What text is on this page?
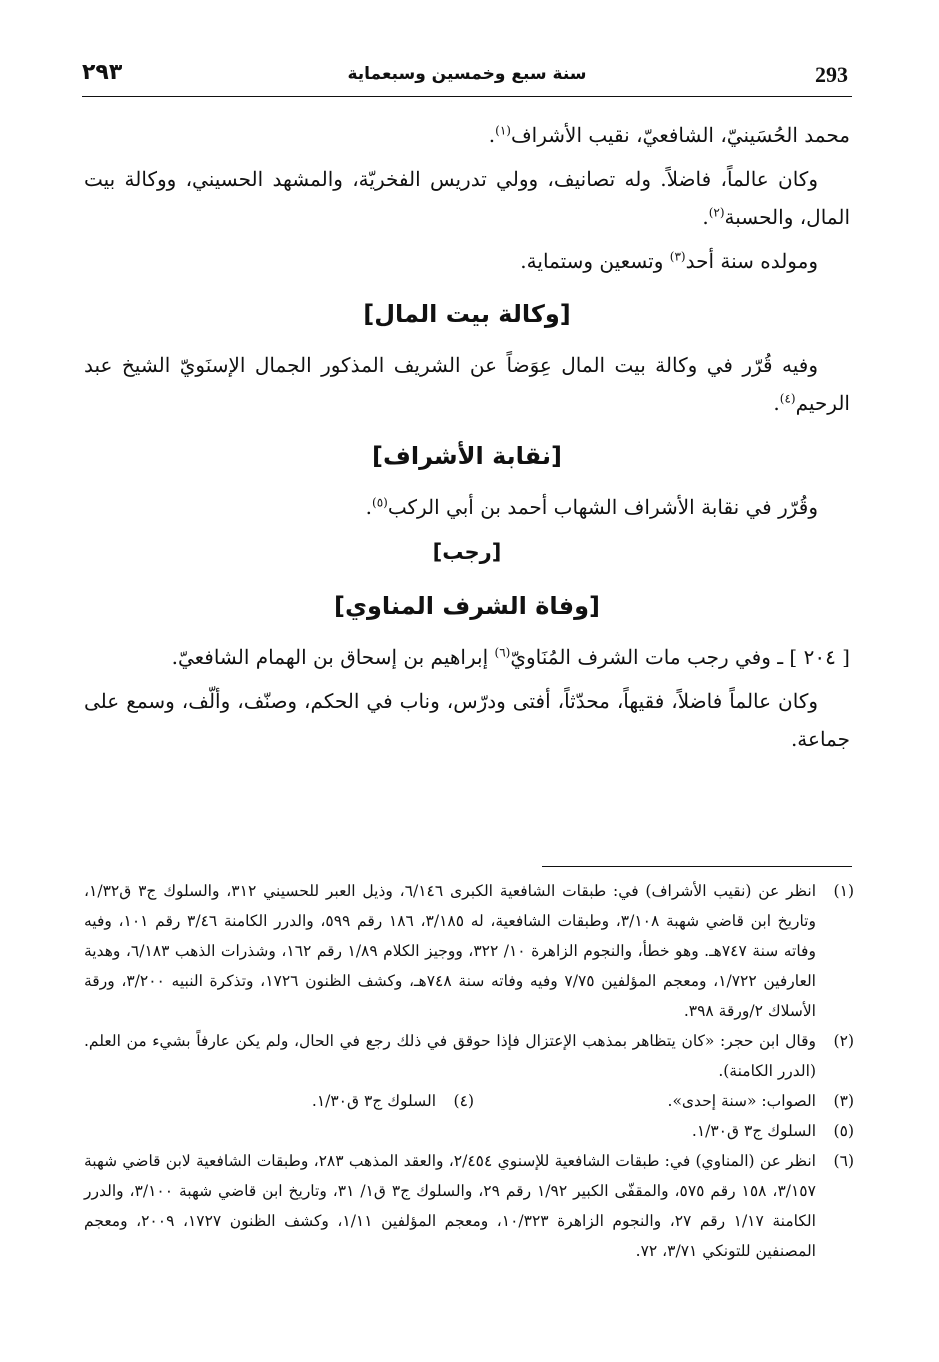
٢٩٣	سنة سبع وخمسين وسبعماية	293

محمد الحُسَينيّ، الشافعيّ، نقيب الأشراف$^{(١)}$.

وكان عالماً، فاضلاً. وله تصانيف، وولي تدريس الفخريّة، والمشهد الحسيني، ووكالة بيت المال، والحسبة$^{(٢)}$.

ومولده سنة أحد$^{(٣)}$ وتسعين وستماية.

[وكالة بيت المال]

وفيه قُرّر في وكالة بيت المال عِوَضاً عن الشريف المذكور الجمال الإسنَويّ الشيخ عبد الرحيم$^{(٤)}$.

[نقابة الأشراف]

وقُرّر في نقابة الأشراف الشهاب أحمد بن أبي الركب$^{(٥)}$.

[رجب]

[وفاة الشرف المناوي]

[ ٢٠٤ ] ـ وفي رجب مات الشرف المُنَاويّ$^{(٦)}$ إبراهيم بن إسحاق بن الهمام الشافعيّ.

وكان عالماً فاضلاً، فقيهاً، محدّثاً، أفتى ودرّس، وناب في الحكم، وصنّف، وألّف، وسمع على جماعة.

(١)
انظر عن (نقيب الأشراف) في: طبقات الشافعية الكبرى ٦/١٤٦، وذيل العبر للحسيني ٣١٢، والسلوك ج٣ ق١/٣٢، وتاريخ ابن قاضي شهبة ٣/١٠٨، وطبقات الشافعية، له ٣/١٨٥، ١٨٦ رقم ٥٩٩، والدرر الكامنة ٣/٤٦ رقم ١٠١، وفيه وفاته سنة ٧٤٧هـ. وهو خطأ، والنجوم الزاهرة ١٠/ ٣٢٢، ووجيز الكلام ١/٨٩ رقم ١٦٢، وشذرات الذهب ٦/١٨٣، وهدية العارفين ١/٧٢٢، ومعجم المؤلفين ٧/٧٥ وفيه وفاته سنة ٧٤٨هـ، وكشف الظنون ١٧٢٦، وتذكرة النبيه ٣/٢٠٠، ورقة الأسلاك ٢/ورقة ٣٩٨.
(٢)
وقال ابن حجر: «كان يتظاهر بمذهب الإعتزال فإذا حوقق في ذلك رجع في الحال، ولم يكن عارفاً بشيء من العلم. (الدرر الكامنة).
(٣)
الصواب: «سنة إحدى».
(٤)
السلوك ج٣ ق١/٣٠.
(٥)
السلوك ج٣ ق١/٣٠.
(٦)
انظر عن (المناوي) في: طبقات الشافعية للإسنوي ٢/٤٥٤، والعقد المذهب ٢٨٣، وطبقات الشافعية لابن قاضي شهبة ٣/١٥٧، ١٥٨ رقم ٥٧٥، والمقفّى الكبير ١/٩٢ رقم ٢٩، والسلوك ج٣ ق١/ ٣١، وتاريخ ابن قاضي شهبة ٣/١٠٠، والدرر الكامنة ١/١٧ رقم ٢٧، والنجوم الزاهرة ١٠/٣٢٣، ومعجم المؤلفين ١/١١، وكشف الظنون ١٧٢٧، ٢٠٠٩، ومعجم المصنفين للتونكي ٣/٧١، ٧٢.
